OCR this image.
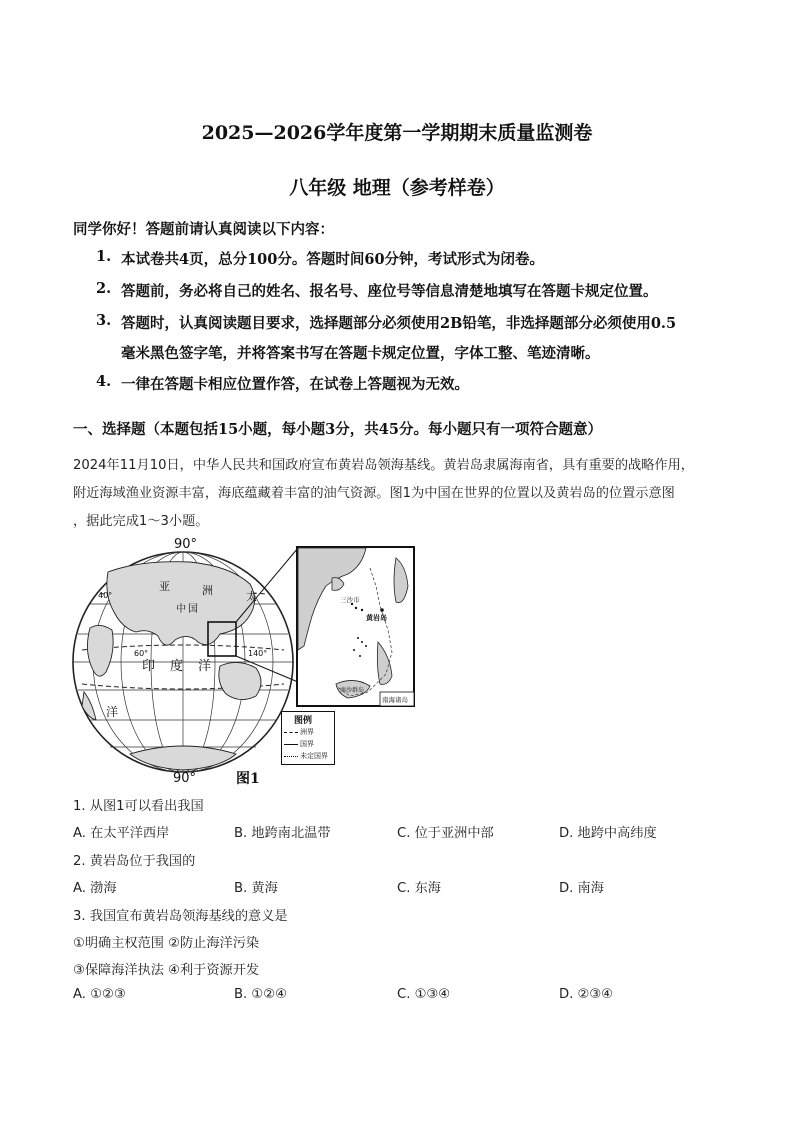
2025—2026学年度第一学期期末质量监测卷
八年级 地理（参考样卷）
同学你好！答题前请认真阅读以下内容：
1. 本试卷共4页，总分100分。答题时间60分钟，考试形式为闭卷。
2. 答题前，务必将自己的姓名、报名号、座位号等信息清楚地填写在答题卡规定位置。
3. 答题时，认真阅读题目要求，选择题部分必须使用2B铅笔，非选择题部分必须使用0.5
毫米黑色签字笔，并将答案书写在答题卡规定位置，字体工整、笔迹清晰。
4. 一律在答题卡相应位置作答，在试卷上答题视为无效。
一、选择题（本题包括15小题，每小题3分，共45分。每小题只有一项符合题意）
2024年11月10日，中华人民共和国政府宣布黄岩岛领海基线。黄岩岛隶属海南省，具有重要的战略作用，
附近海域渔业资源丰富，海底蕴藏着丰富的油气资源。图1为中国在世界的位置以及黄岩岛的位置示意图
，据此完成1～3小题。
90°
亚	洲	太
中 国
印 度 洋
洋
60°	140°
40°
90°
三沙市
黄岩岛
南沙群岛
南海诸岛
图例
洲界
国界
未定国界
图1
1. 从图1可以看出我国
A. 在太平洋西岸	B. 地跨南北温带	C. 位于亚洲中部	D. 地跨中高纬度
2. 黄岩岛位于我国的
A. 渤海	B. 黄海	C. 东海	D. 南海
3. 我国宣布黄岩岛领海基线的意义是
①明确主权范围 ②防止海洋污染
③保障海洋执法 ④利于资源开发
A. ①②③	B. ①②④	C. ①③④	D. ②③④
